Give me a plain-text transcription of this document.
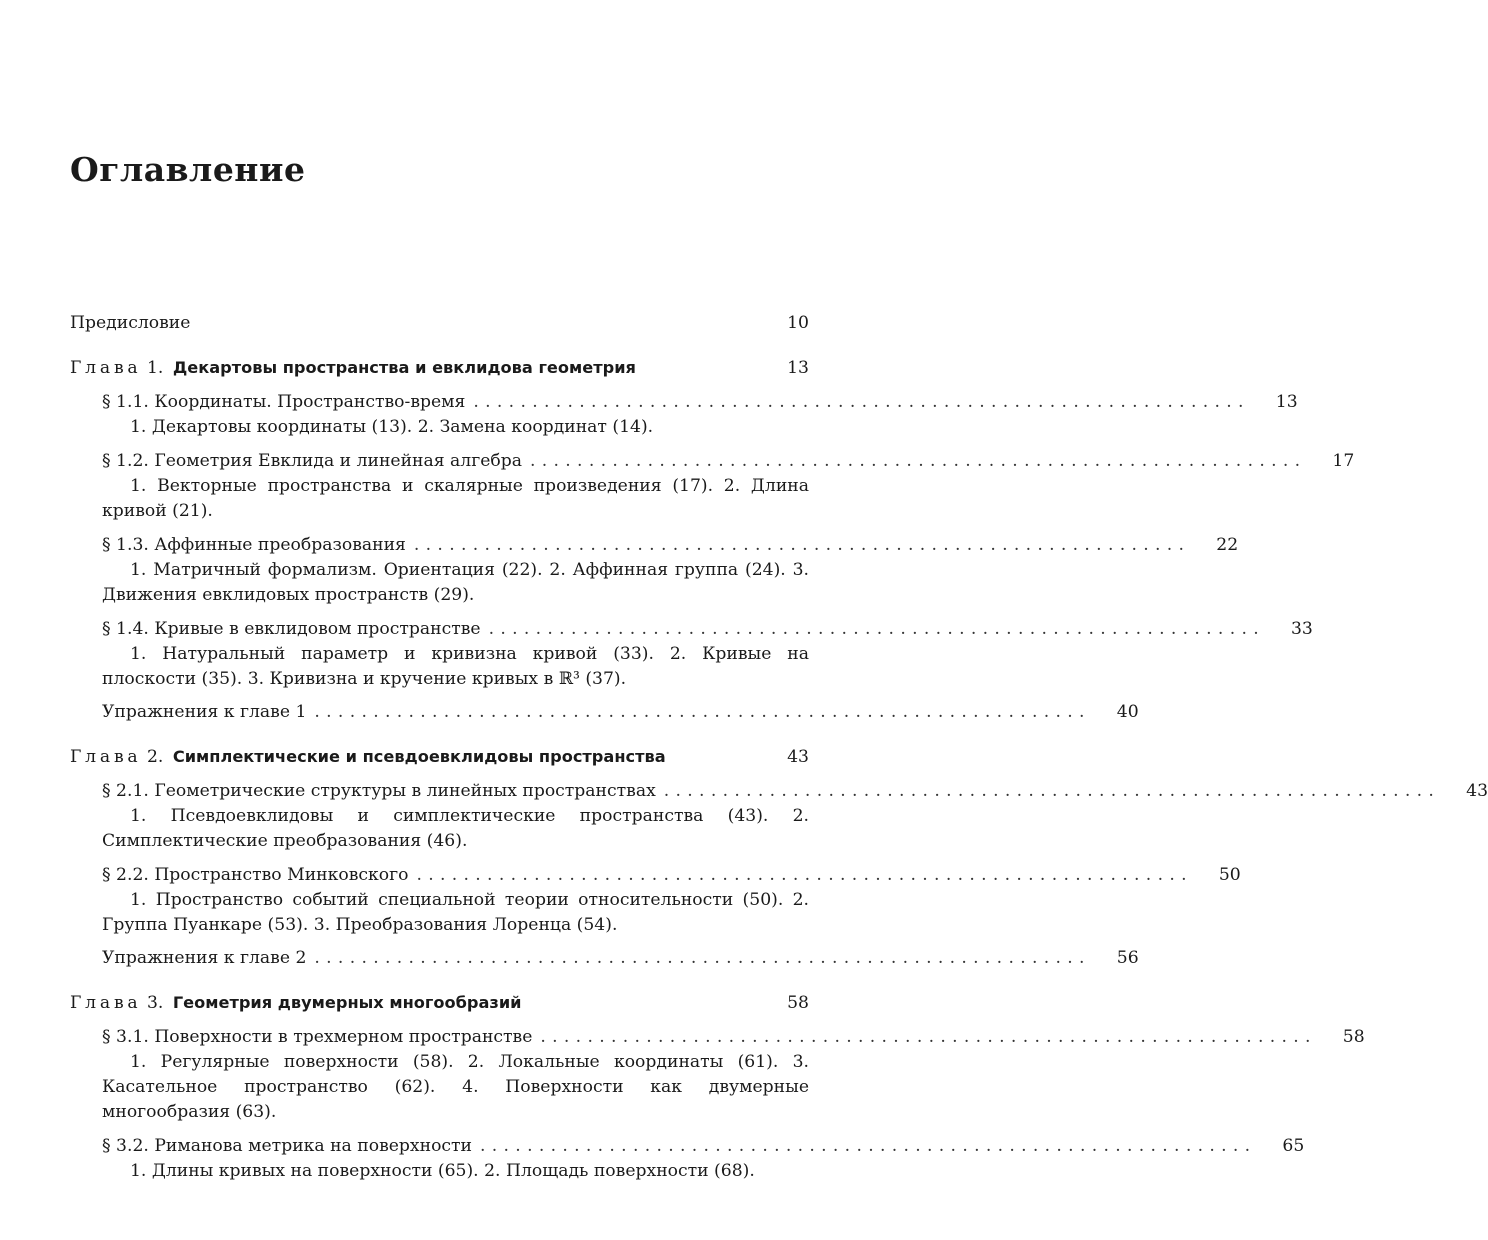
Оглавление
Предисловие	10
Глава 1. Декартовы пространства и евклидова геометрия	13
§ 1.1. Координаты. Пространство-время .................................................................. 13
1. Декартовы координаты (13). 2. Замена координат (14).
§ 1.2. Геометрия Евклида и линейная алгебра .................................................................. 17
1. Векторные пространства и скалярные произведения (17). 2. Длина кривой (21).
§ 1.3. Аффинные преобразования .................................................................. 22
1. Матричный формализм. Ориентация (22). 2. Аффинная группа (24). 3. Движения евклидовых пространств (29).
§ 1.4. Кривые в евклидовом пространстве .................................................................. 33
1. Натуральный параметр и кривизна кривой (33). 2. Кривые на плоскости (35). 3. Кривизна и кручение кривых в ℝ³ (37).
Упражнения к главе 1 .................................................................. 40
Глава 2. Симплектические и псевдоевклидовы пространства	43
§ 2.1. Геометрические структуры в линейных пространствах .................................................................. 43
1. Псевдоевклидовы и симплектические пространства (43). 2. Симплектические преобразования (46).
§ 2.2. Пространство Минковского .................................................................. 50
1. Пространство событий специальной теории относительности (50). 2. Группа Пуанкаре (53). 3. Преобразования Лоренца (54).
Упражнения к главе 2 .................................................................. 56
Глава 3. Геометрия двумерных многообразий	58
§ 3.1. Поверхности в трехмерном пространстве .................................................................. 58
1. Регулярные поверхности (58). 2. Локальные координаты (61). 3. Касательное пространство (62). 4. Поверхности как двумерные многообразия (63).
§ 3.2. Риманова метрика на поверхности .................................................................. 65
1. Длины кривых на поверхности (65). 2. Площадь поверхности (68).
